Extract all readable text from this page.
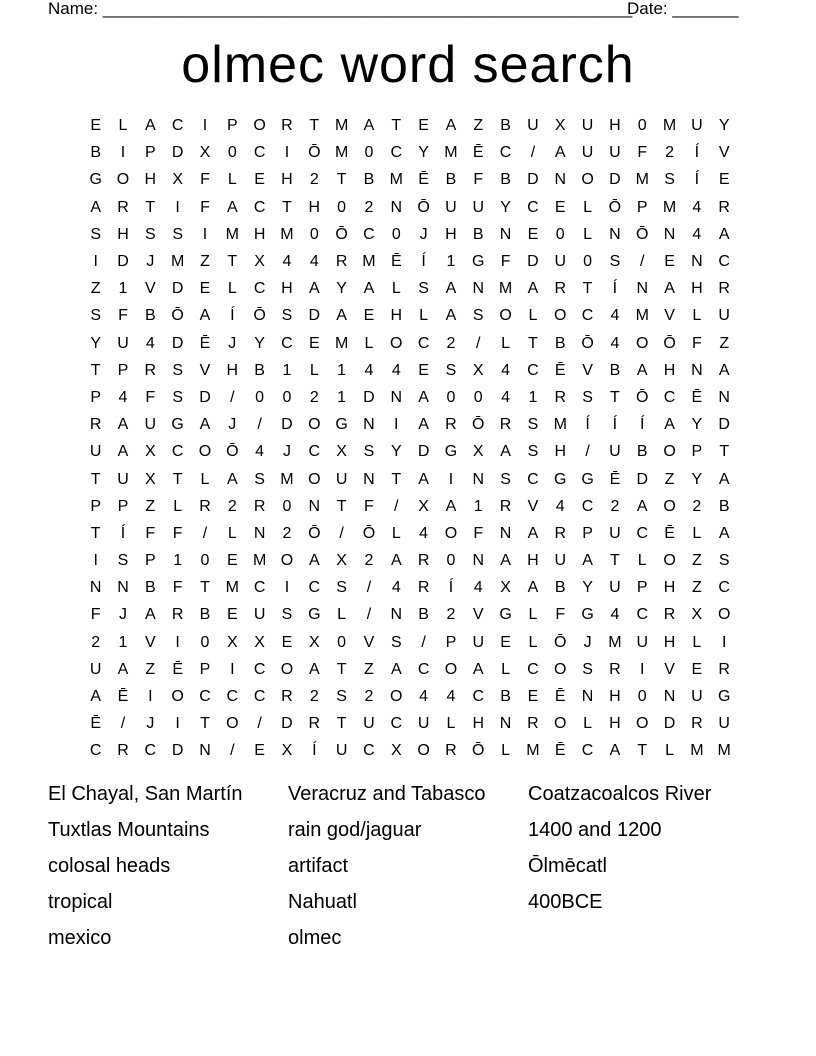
Name: ________________________________________________________
Date: _______
olmec word search
E	L	A	C	I	P O R	T M A	T	E	A	Z	B	U	X	U H	0	M U	Y
B	I	P	D	X	0	C	I	Ō M	0	C	Y M Ē	C	/	A	U U	F	2	Í	V
G O H	X	F	L	E	H	2	T	B M Ē	B	F	B	D N O D M S	Í	E
A	R	T	I	F	A	C	T	H	0	2	N Ō U U	Y	C	E	L	Ō P M	4	R
S	H	S	S	I	M H M	0	Ō C	0	J	H	B	N	E	0	L	N Ō N	4	A
I	D	J	M Z	T	X	4	4	R M Ē	Í	1	G	F	D U	0	S	/	E	N C
Z	1	V	D	E	L	C H	A	Y	A	L	S	A	N M A	R	T	Í	N	A	H R
S	F	B Ō A	Í	Ō S	D	A	E	H	L	A	S O	L	O C	4	M V	L	U
Y	U	4	D	Ē	J	Y	C	E M	L	O C	2	/	L	T	B Ō	4	O Ō	F	Z
T	P	R	S	V	H	B	1	L	1	4	4	E	S	X	4	C	Ē	V	B	A	H N	A
P	4	F	S	D	/	0	0	2	1	D N	A	0	0	4	1	R	S	T	Ō C	Ē	N
R	A	U G A	J	/	D O G N	I	A	R Ō R	S M	Í	Í	Í	A	Y	D
U	A	X	C O Ō	4	J	C	X	S	Y	D G X	A	S	H	/	U	B O P	T
T	U	X	T	L	A	S M O U N	T	A	I	N	S	C G G Ē	D	Z	Y	A
P	P	Z	L	R	2	R	0	N	T	F	/	X	A	1	R	V	4	C	2	A O	2	B
T	Í	F	F	/	L	N	2	Ō	/	Ō	L	4	O	F	N	A	R	P	U C	Ē	L	A
I	S	P	1	0	E M O A	X	2	A	R	0	N	A	H U	A	T	L	O	Z	S
N N	B	F	T M C	I	C	S	/	4	R	Í	4	X	A	B	Y	U	P	H	Z	C
F	J	A	R	B	E	U	S G	L	/	N	B	2	V G	L	F	G	4	C R	X O
2	1	V	I	0	X	X	E	X	0	V	S	/	P	U	E	L	Ō	J	M U H	L	I
U	A	Z	Ē	P	I	C O A	T	Z	A	C O A	L	C O S	R	I	V	E	R
A	Ē	I	O C C C R	2	S	2	O	4	4	C	B	E	Ē	N H	0	N U G
Ē	/	J	I	T	O	/	D R	T	U C U	L	H N R O	L	H O D R U
C R C D N	/	E	X	Í	U C	X O R Ō	L	M Ē	C	A	T	L	M M
El Chayal, San Martín	Veracruz and Tabasco	Coatzacoalcos River
Tuxtlas Mountains	rain god/jaguar	1400 and 1200
colosal heads	artifact	Ōlmēcatl
tropical	Nahuatl	400BCE
mexico	olmec
